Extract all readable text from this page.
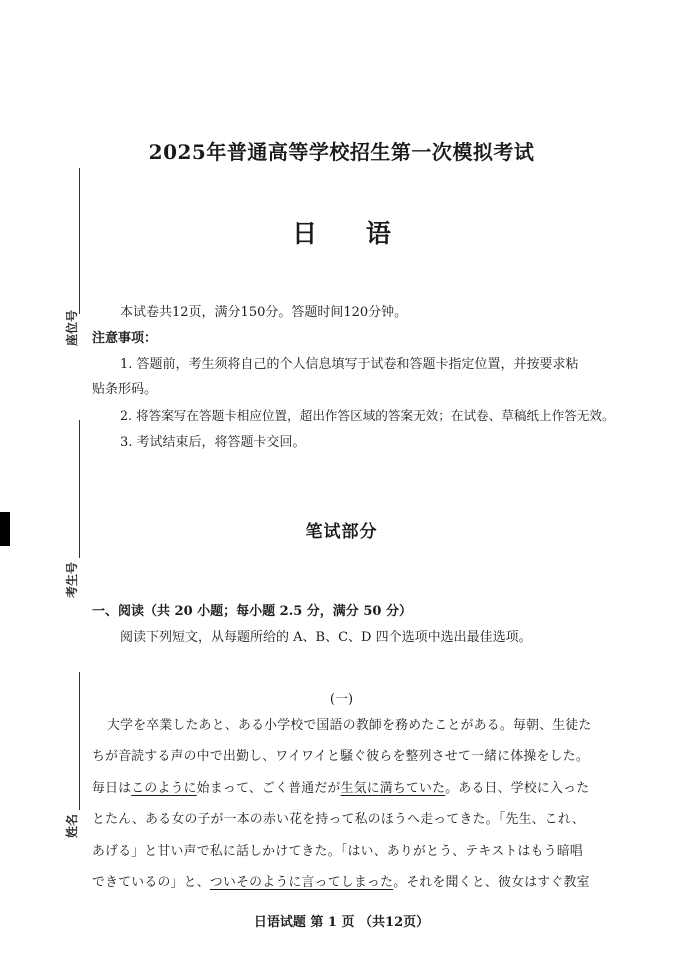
座位号
考生号
姓名
2025年普通高等学校招生第一次模拟考试
日 语
本试卷共12页，满分150分。答题时间120分钟。
注意事项：
1. 答题前，考生须将自己的个人信息填写于试卷和答题卡指定位置，并按要求粘
贴条形码。
2. 将答案写在答题卡相应位置，超出作答区域的答案无效；在试卷、草稿纸上作答无效。
3. 考试结束后，将答题卡交回。
笔试部分
一、阅读（共 20 小题；每小题 2.5 分，满分 50 分）
阅读下列短文，从每题所给的 A、B、C、D 四个选项中选出最佳选项。
(一)
大学を卒業したあと、ある小学校で国語の教師を務めたことがある。毎朝、生徒た
ちが音読する声の中で出勤し、ワイワイと騒ぐ彼らを整列させて一緒に体操をした。
毎日はこのように始まって、ごく普通だが生気に満ちていた。ある日、学校に入った
とたん、ある女の子が一本の赤い花を持って私のほうへ走ってきた。「先生、これ、
あげる」と甘い声で私に話しかけてきた。「はい、ありがとう、テキストはもう暗唱
できているの」と、ついそのように言ってしまった。それを聞くと、彼女はすぐ教室
日语试题 第 1 页 （共12页）
